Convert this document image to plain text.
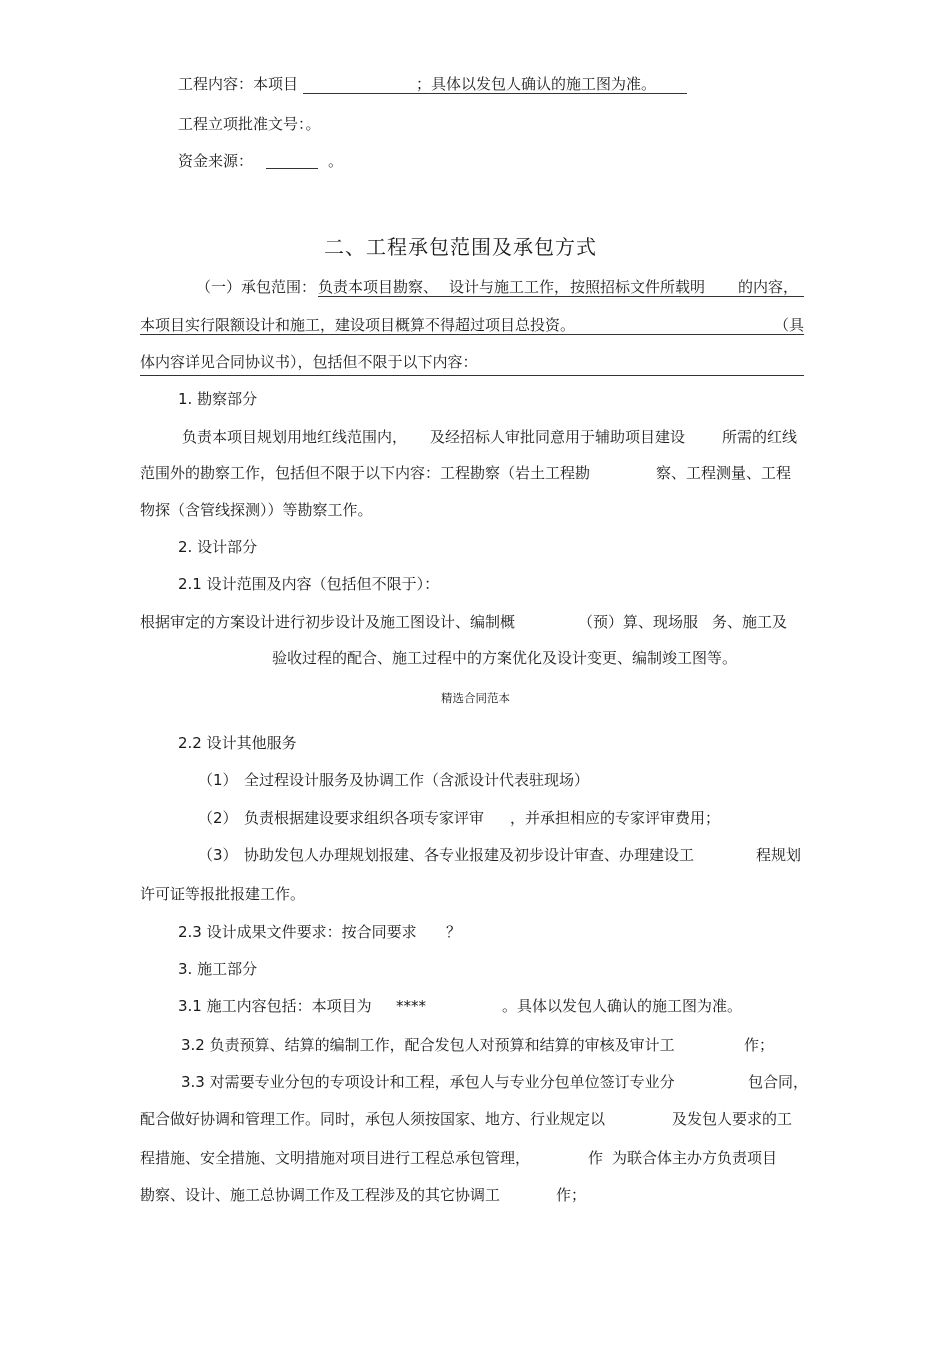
工程内容：本项目	；具体以发包人确认的施工图为准。
工程立项批准文号：。
资金来源：	。
二、工程承包范围及承包方式
（一）承包范围： 负责本项目勘察、 设计与施工工作， 按照招标文件所载明 的内容，
本项目实行限额设计和施工，建设项目概算不得超过项目总投资。	（具
体内容详见合同协议书），包括但不限于以下内容：
1. 勘察部分
负责本项目规划用地红线范围内， 及经招标人审批同意用于辅助项目建设 所需的红线
范围外的勘察工作，包括但不限于以下内容：工程勘察（岩土工程勘	察、工程测量、工程
物探（含管线探测））等勘察工作。
2. 设计部分
2.1 设计范围及内容（包括但不限于）：
根据审定的方案设计进行初步设计及施工图设计、编制概	（预）算、现场服 务、施工及
验收过程的配合、施工过程中的方案优化及设计变更、编制竣工图等。
精选合同范本
2.2 设计其他服务
（1） 全过程设计服务及协调工作（含派设计代表驻现场）
（2） 负责根据建设要求组织各项专家评审 ，并承担相应的专家评审费用；
（3） 协助发包人办理规划报建、各专业报建及初步设计审查、办理建设工	程规划
许可证等报批报建工作。
2.3 设计成果文件要求：按合同要求 ？
3. 施工部分
3.1 施工内容包括：本项目为 ****	。具体以发包人确认的施工图为准。
3.2 负责预算、结算的编制工作，配合发包人对预算和结算的审核及审计工	作；
3.3 对需要专业分包的专项设计和工程，承包人与专业分包单位签订专业分	包合同，
配合做好协调和管理工作。同时，承包人须按国家、地方、行业规定以	及发包人要求的工
程措施、安全措施、文明措施对项目进行工程总承包管理，	作 为联合体主办方负责项目
勘察、设计、施工总协调工作及工程涉及的其它协调工	作；
